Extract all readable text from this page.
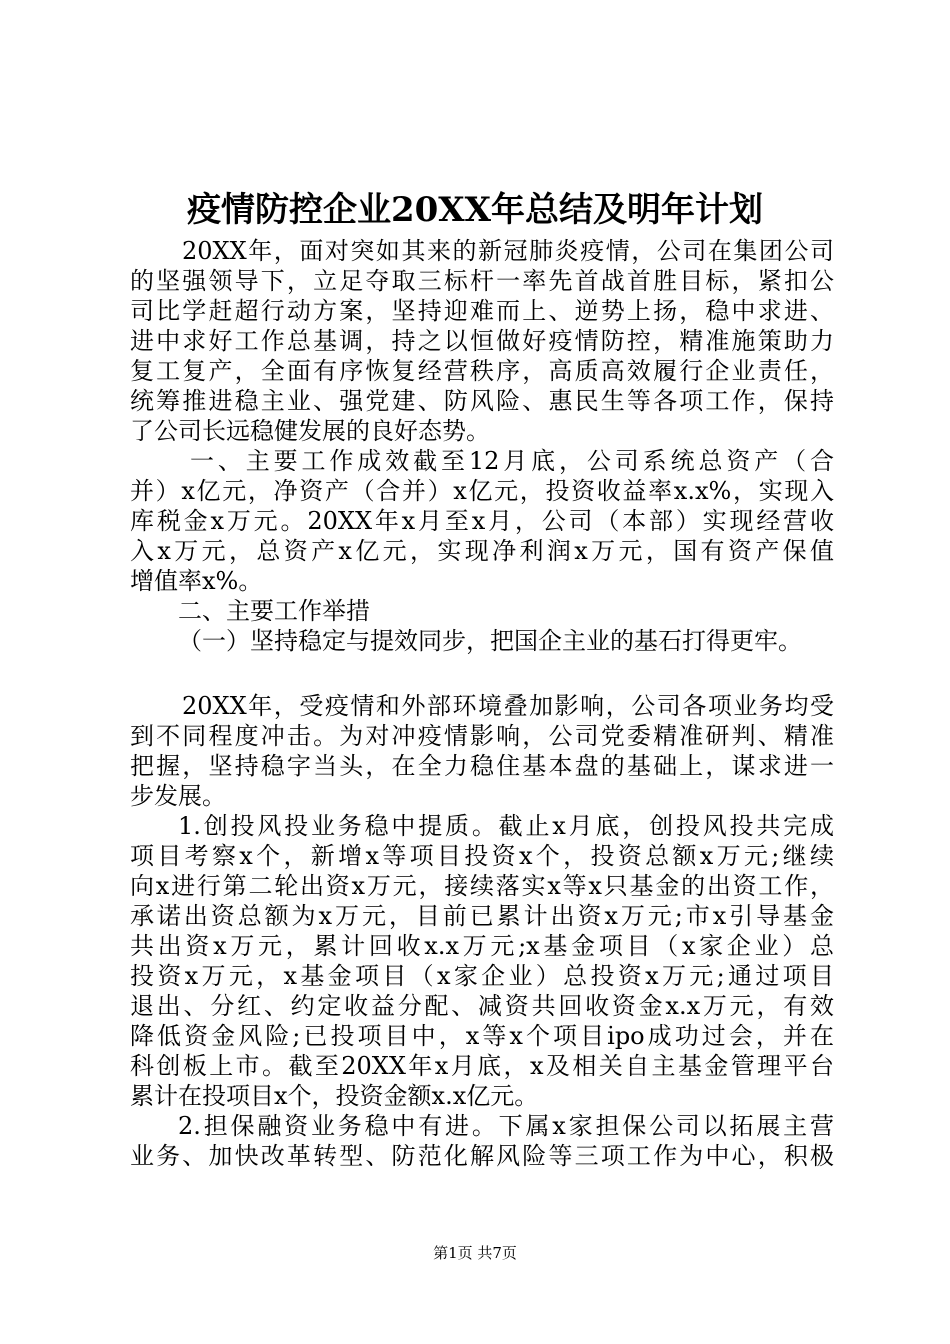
疫情防控企业20XX年总结及明年计划
20XX年，面对突如其来的新冠肺炎疫情，公司在集团公司
的坚强领导下，立足夺取三标杆一率先首战首胜目标，紧扣公
司比学赶超行动方案，坚持迎难而上、逆势上扬，稳中求进、
进中求好工作总基调，持之以恒做好疫情防控，精准施策助力
复工复产，全面有序恢复经营秩序，高质高效履行企业责任，
统筹推进稳主业、强党建、防风险、惠民生等各项工作，保持
了公司长远稳健发展的良好态势。
一、主要工作成效截至12月底，公司系统总资产（合
并）x亿元，净资产（合并）x亿元，投资收益率x.x%，实现入
库税金x万元。20XX年x月至x月，公司（本部）实现经营收
入x万元，总资产x亿元，实现净利润x万元，国有资产保值
增值率x%。
二、主要工作举措
（一）坚持稳定与提效同步，把国企主业的基石打得更牢。
20XX年，受疫情和外部环境叠加影响，公司各项业务均受
到不同程度冲击。为对冲疫情影响，公司党委精准研判、精准
把握，坚持稳字当头，在全力稳住基本盘的基础上，谋求进一
步发展。
1.创投风投业务稳中提质。截止x月底，创投风投共完成
项目考察x个，新增x等项目投资x个，投资总额x万元;继续
向x进行第二轮出资x万元，接续落实x等x只基金的出资工作，
承诺出资总额为x万元，目前已累计出资x万元;市x引导基金
共出资x万元，累计回收x.x万元;x基金项目（x家企业）总
投资x万元，x基金项目（x家企业）总投资x万元;通过项目
退出、分红、约定收益分配、减资共回收资金x.x万元，有效
降低资金风险;已投项目中，x等x个项目ipo成功过会，并在
科创板上市。截至20XX年x月底，x及相关自主基金管理平台
累计在投项目x个，投资金额x.x亿元。
2.担保融资业务稳中有进。下属x家担保公司以拓展主营
业务、加快改革转型、防范化解风险等三项工作为中心，积极
第1页 共7页
